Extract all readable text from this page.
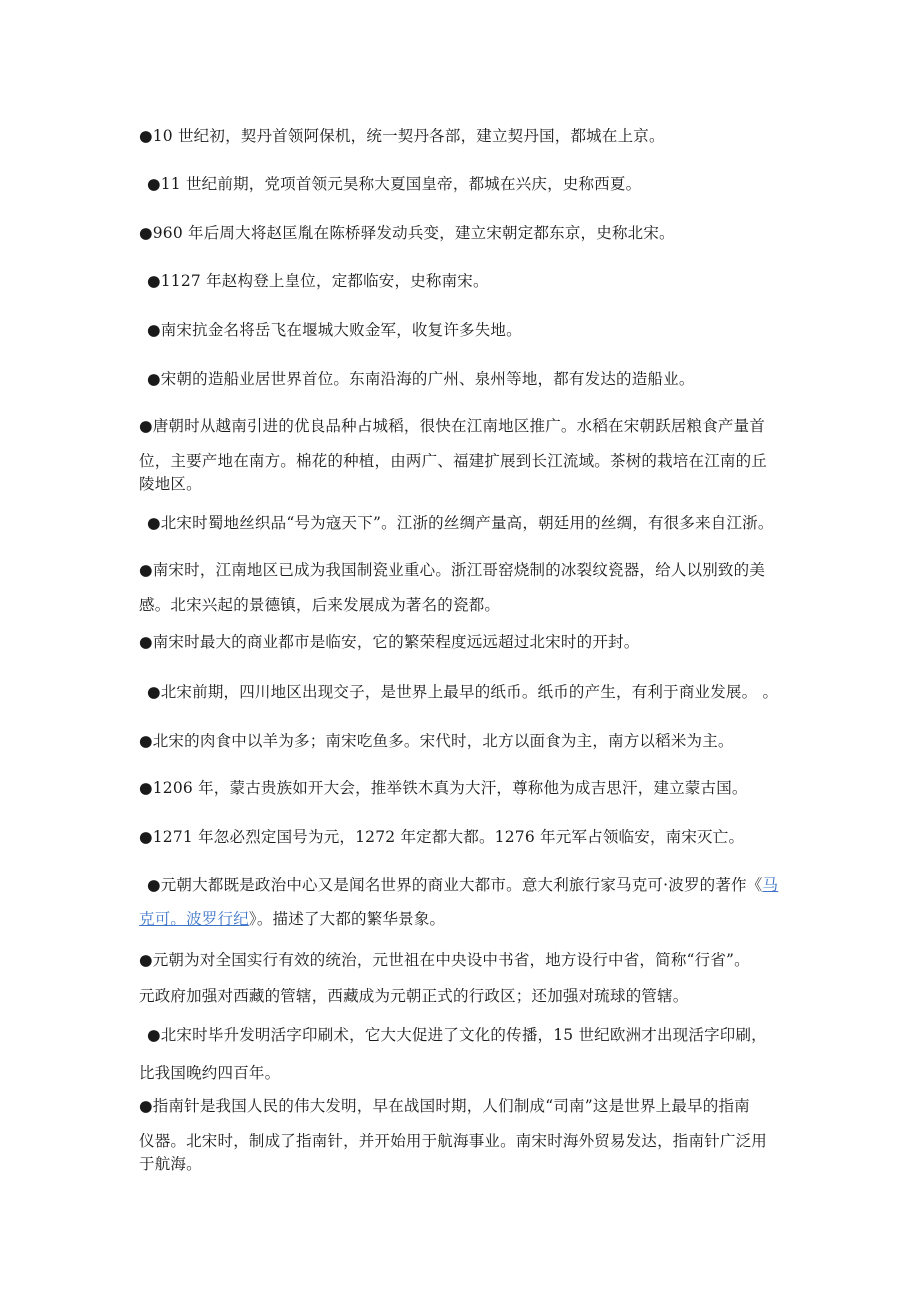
●10 世纪初，契丹首领阿保机，统一契丹各部，建立契丹国，都城在上京。

●11 世纪前期，党项首领元昊称大夏国皇帝，都城在兴庆，史称西夏。

●960 年后周大将赵匡胤在陈桥驿发动兵变，建立宋朝定都东京，史称北宋。

●1127 年赵构登上皇位，定都临安，史称南宋。

●南宋抗金名将岳飞在堰城大败金军，收复许多失地。

●宋朝的造船业居世界首位。东南沿海的广州、泉州等地，都有发达的造船业。

●唐朝时从越南引进的优良品种占城稻，很快在江南地区推广。水稻在宋朝跃居粮食产量首
位，主要产地在南方。棉花的种植，由两广、福建扩展到长江流域。茶树的栽培在江南的丘
陵地区。

●北宋时蜀地丝织品“号为寇天下”。江浙的丝绸产量高，朝廷用的丝绸，有很多来自江浙。

●南宋时，江南地区已成为我国制瓷业重心。浙江哥窑烧制的冰裂纹瓷器，给人以别致的美
感。北宋兴起的景德镇，后来发展成为著名的瓷都。

●南宋时最大的商业都市是临安，它的繁荣程度远远超过北宋时的开封。

●北宋前期，四川地区出现交子，是世界上最早的纸币。纸币的产生，有利于商业发展。 。

●北宋的肉食中以羊为多；南宋吃鱼多。宋代时，北方以面食为主，南方以稻米为主。

●1206 年，蒙古贵族如开大会，推举铁木真为大汗，尊称他为成吉思汗，建立蒙古国。

●1271 年忽必烈定国号为元，1272 年定都大都。1276 年元军占领临安，南宋灭亡。

●元朝大都既是政治中心又是闻名世界的商业大都市。意大利旅行家马克可·波罗的著作《马
克可。波罗行纪》。描述了大都的繁华景象。

●元朝为对全国实行有效的统治，元世祖在中央设中书省，地方设行中省，简称“行省”。
元政府加强对西藏的管辖，西藏成为元朝正式的行政区；还加强对琉球的管辖。

●北宋时毕升发明活字印刷术，它大大促进了文化的传播，15 世纪欧洲才出现活字印刷，
比我国晚约四百年。

●指南针是我国人民的伟大发明，早在战国时期，人们制成“司南”这是世界上最早的指南
仪器。北宋时，制成了指南针，并开始用于航海事业。南宋时海外贸易发达，指南针广泛用
于航海。
